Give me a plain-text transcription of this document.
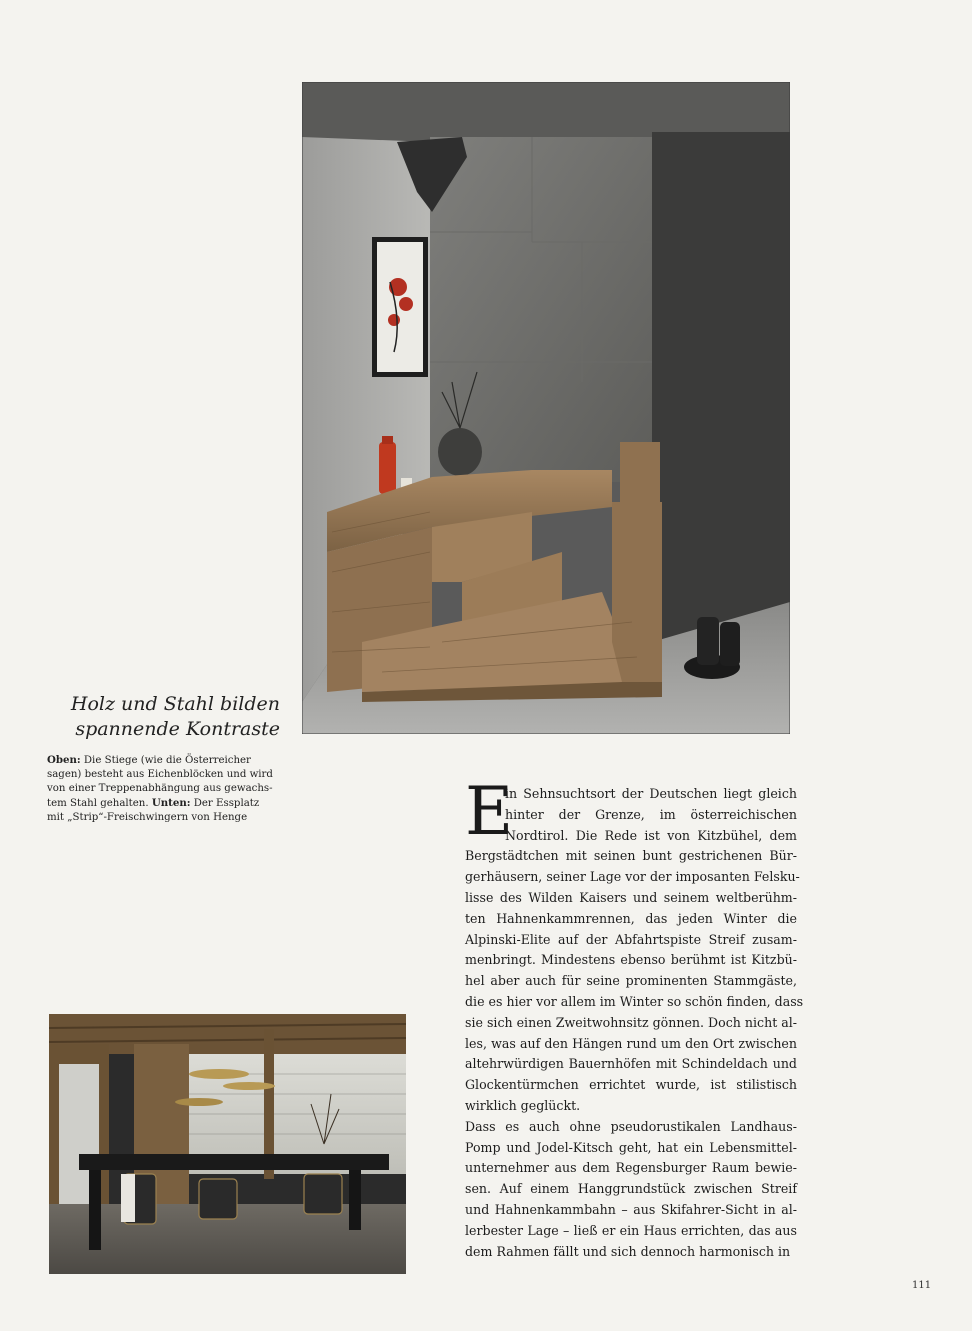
Holz und Stahl bilden
spannende Kontraste
Oben: Die Stiege (wie die Österreicher
sagen) besteht aus Eichenblöcken und wird
von einer Treppenabhängung aus gewachs-
tem Stahl gehalten. Unten: Der Essplatz
mit „Strip“-Freischwingern von Henge	E
in Sehnsuchtsort der Deutschen liegt gleich
hinter der Grenze, im österreichischen
Nordtirol. Die Rede ist von Kitzbühel, dem
Bergstädtchen mit seinen bunt gestrichenen Bür-
gerhäusern, seiner Lage vor der imposanten Felsku-
lisse des Wilden Kaisers und seinem weltberühm-
ten Hahnenkammrennen, das jeden Winter die
Alpinski-Elite auf der Abfahrtspiste Streif zusam-
menbringt. Mindestens ebenso berühmt ist Kitzbü-
hel aber auch für seine prominenten Stammgäste,
die es hier vor allem im Winter so schön finden, dass
sie sich einen Zweitwohnsitz gönnen. Doch nicht al-
les, was auf den Hängen rund um den Ort zwischen
altehrwürdigen Bauernhöfen mit Schindeldach und
Glockentürmchen errichtet wurde, ist stilistisch
wirklich geglückt.
Dass es auch ohne pseudorustikalen Landhaus-
Pomp und Jodel-Kitsch geht, hat ein Lebensmittel-
unternehmer aus dem Regensburger Raum bewie-
sen. Auf einem Hanggrundstück zwischen Streif
und Hahnenkammbahn – aus Skifahrer-Sicht in al-
lerbester Lage – ließ er ein Haus errichten, das aus
dem Rahmen fällt und sich dennoch harmonisch in
111
